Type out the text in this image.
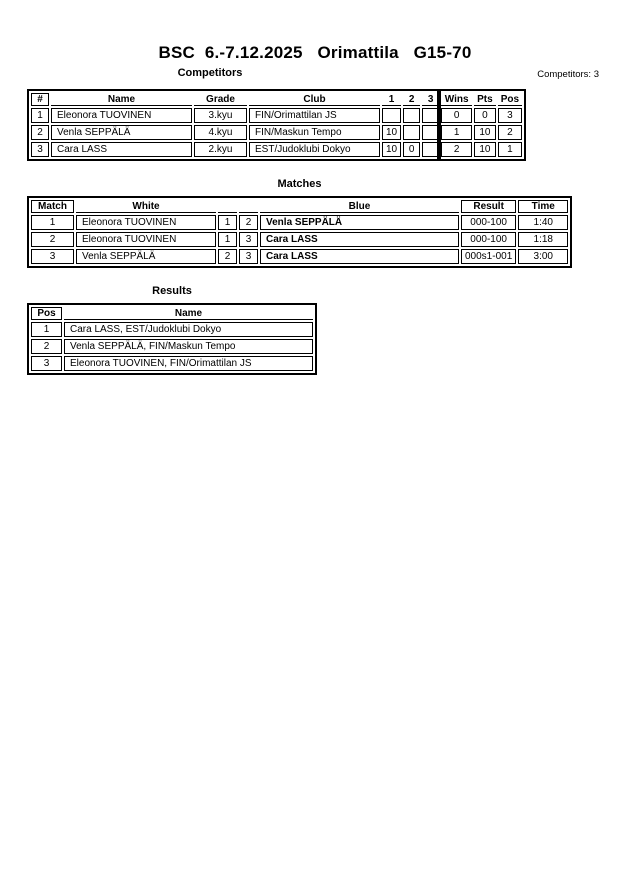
BSC  6.-7.12.2025   Orimattila   G15-70
Competitors	Competitors: 3
#	Name	Grade	Club	1	2	3	Wins	Pts	Pos
1	Eleonora TUOVINEN	3.kyu	FIN/Orimattilan JS				0	0	3
2	Venla SEPPÄLÄ	4.kyu	FIN/Maskun Tempo	10			1	10	2
3	Cara LASS	2.kyu	EST/Judoklubi Dokyo	10	0		2	10	1
Matches
Match	White			Blue	Result	Time
1	Eleonora TUOVINEN	1	2	Venla SEPPÄLÄ	000-100	1:40
2	Eleonora TUOVINEN	1	3	Cara LASS	000-100	1:18
3	Venla SEPPÄLÄ	2	3	Cara LASS	000s1-001	3:00
Results
Pos	Name
1	Cara LASS, EST/Judoklubi Dokyo
2	Venla SEPPÄLÄ, FIN/Maskun Tempo
3	Eleonora TUOVINEN, FIN/Orimattilan JS
